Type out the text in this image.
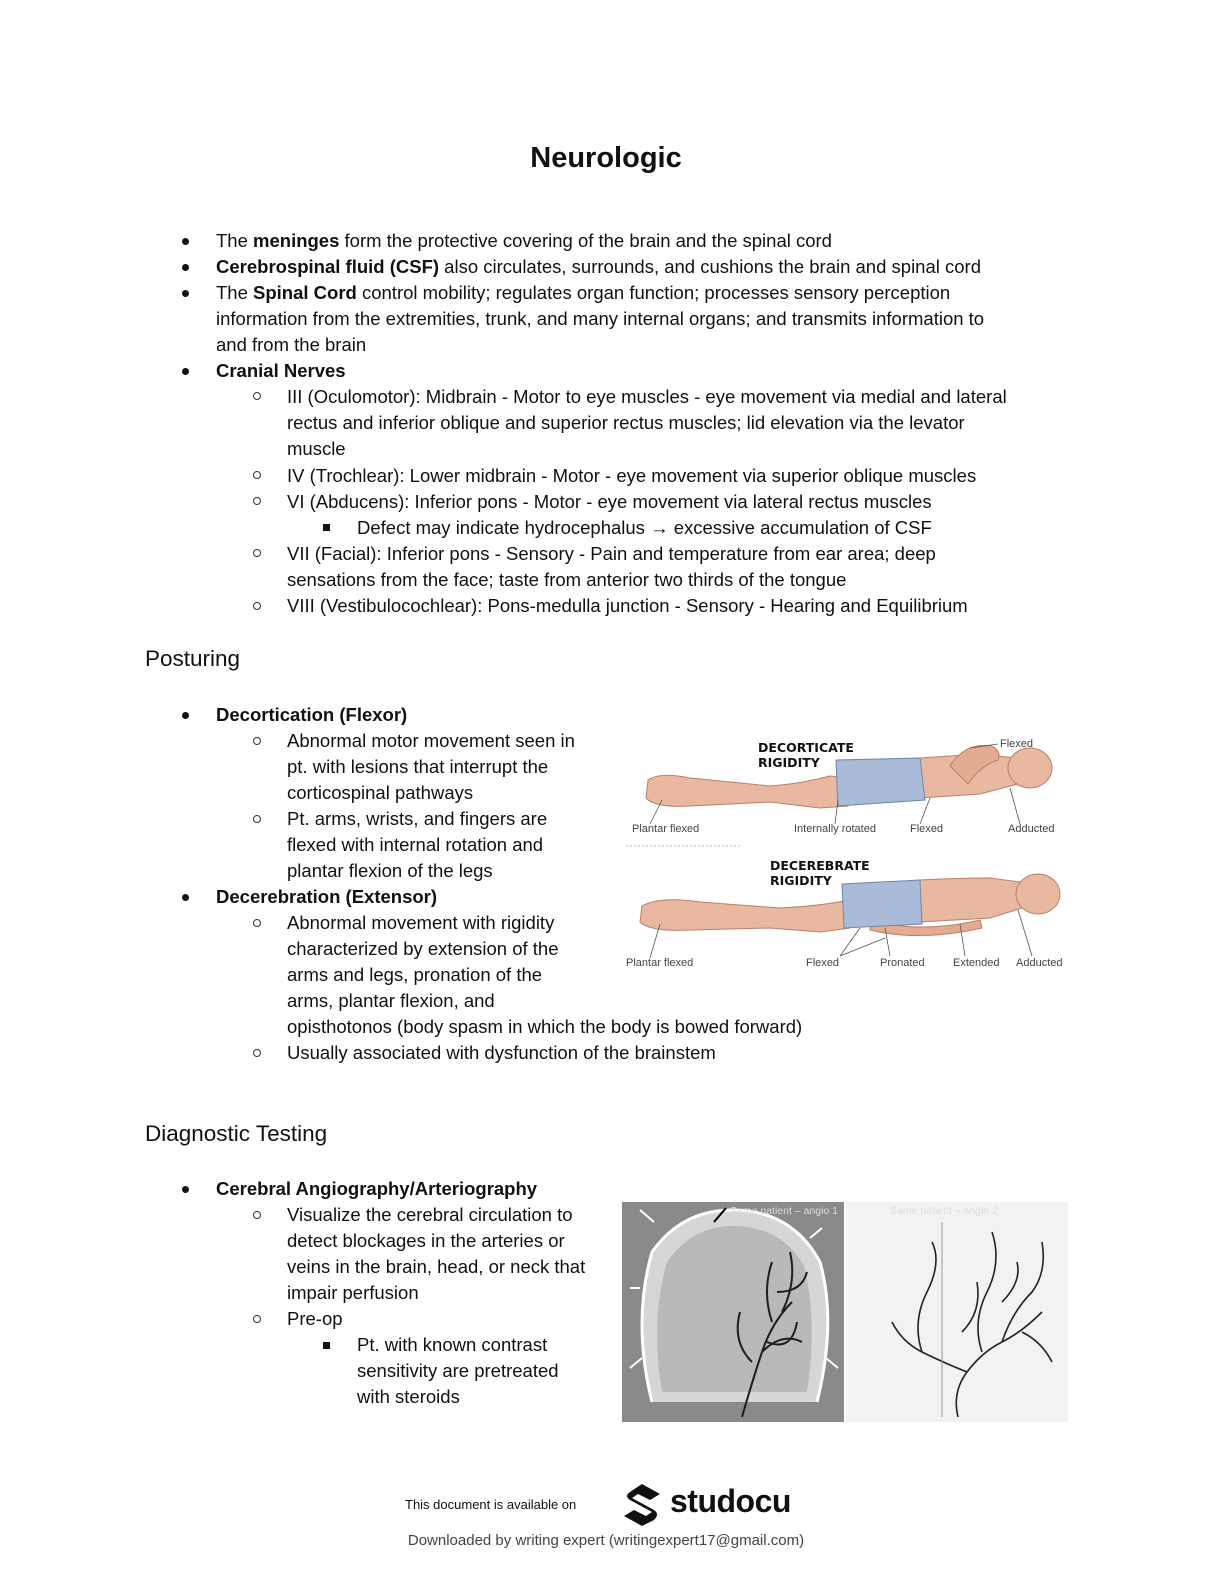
Neurologic
The meninges form the protective covering of the brain and the spinal cord
Cerebrospinal fluid (CSF) also circulates, surrounds, and cushions the brain and spinal cord
The Spinal Cord control mobility; regulates organ function; processes sensory perception
information from the extremities, trunk, and many internal organs; and transmits information to
and from the brain
Cranial Nerves
III (Oculomotor): Midbrain - Motor to eye muscles - eye movement via medial and lateral
rectus and inferior oblique and superior rectus muscles; lid elevation via the levator
muscle
IV (Trochlear): Lower midbrain - Motor - eye movement via superior oblique muscles
VI (Abducens): Inferior pons - Motor - eye movement via lateral rectus muscles
Defect may indicate hydrocephalus → excessive accumulation of CSF
VII (Facial): Inferior pons - Sensory - Pain and temperature from ear area; deep
sensations from the face; taste from anterior two thirds of the tongue
VIII (Vestibulocochlear): Pons-medulla junction - Sensory - Hearing and Equilibrium
Posturing
Decortication (Flexor)
Abnormal motor movement seen in
pt. with lesions that interrupt the
corticospinal pathways
Pt. arms, wrists, and fingers are
flexed with internal rotation and
plantar flexion of the legs
Decerebration (Extensor)
Abnormal movement with rigidity
characterized by extension of the
arms and legs, pronation of the
arms, plantar flexion, and
opisthotonos (body spasm in which the body is bowed forward)
Usually associated with dysfunction of the brainstem
DECORTICATE
RIGIDITY
Plantar flexed	Internally rotated	Flexed	Adducted
Flexed
DECEREBRATE
RIGIDITY
Plantar flexed	Flexed	Pronated	Extended Adducted
Diagnostic Testing
Cerebral Angiography/Arteriography
Visualize the cerebral circulation to
detect blockages in the arteries or
veins in the brain, head, or neck that
impair perfusion
Pre-op
Pt. with known contrast
sensitivity are pretreated
with steroids
Same patient – angio 1	Same patient – angio 2
This document is available on	studocu
Downloaded by writing expert (writingexpert17@gmail.com)
